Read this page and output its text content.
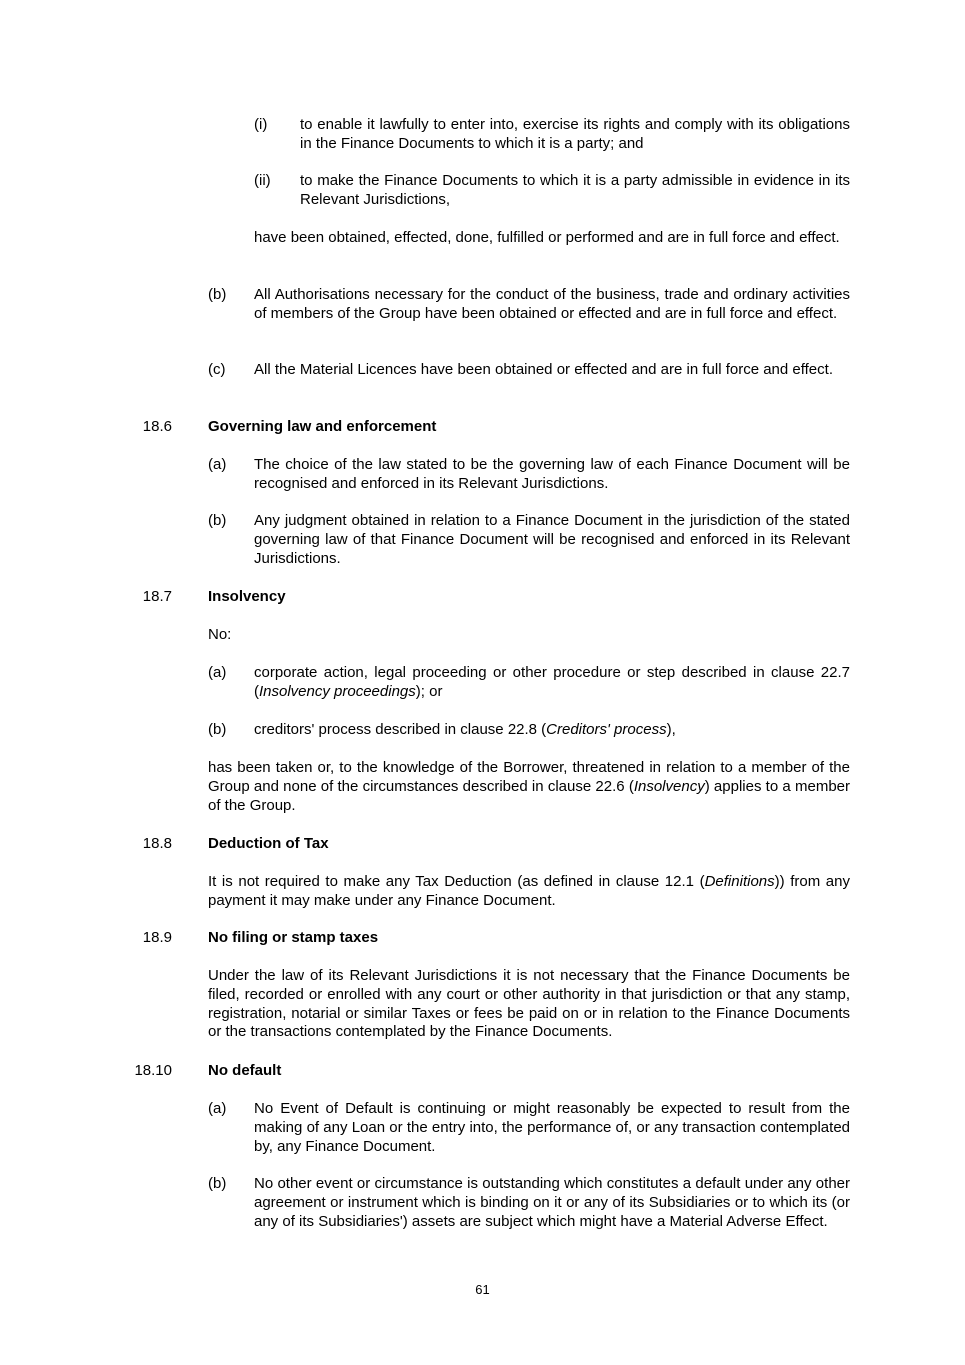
(i) to enable it lawfully to enter into, exercise its rights and comply with its obligations in the Finance Documents to which it is a party; and
(ii) to make the Finance Documents to which it is a party admissible in evidence in its Relevant Jurisdictions,
have been obtained, effected, done, fulfilled or performed and are in full force and effect.
(b) All Authorisations necessary for the conduct of the business, trade and ordinary activities of members of the Group have been obtained or effected and are in full force and effect.
(c) All the Material Licences have been obtained or effected and are in full force and effect.
18.6 Governing law and enforcement
(a) The choice of the law stated to be the governing law of each Finance Document will be recognised and enforced in its Relevant Jurisdictions.
(b) Any judgment obtained in relation to a Finance Document in the jurisdiction of the stated governing law of that Finance Document will be recognised and enforced in its Relevant Jurisdictions.
18.7 Insolvency
No:
(a) corporate action, legal proceeding or other procedure or step described in clause 22.7 (Insolvency proceedings); or
(b) creditors' process described in clause 22.8 (Creditors' process),
has been taken or, to the knowledge of the Borrower, threatened in relation to a member of the Group and none of the circumstances described in clause 22.6 (Insolvency) applies to a member of the Group.
18.8 Deduction of Tax
It is not required to make any Tax Deduction (as defined in clause 12.1 (Definitions)) from any payment it may make under any Finance Document.
18.9 No filing or stamp taxes
Under the law of its Relevant Jurisdictions it is not necessary that the Finance Documents be filed, recorded or enrolled with any court or other authority in that jurisdiction or that any stamp, registration, notarial or similar Taxes or fees be paid on or in relation to the Finance Documents or the transactions contemplated by the Finance Documents.
18.10 No default
(a) No Event of Default is continuing or might reasonably be expected to result from the making of any Loan or the entry into, the performance of, or any transaction contemplated by, any Finance Document.
(b) No other event or circumstance is outstanding which constitutes a default under any other agreement or instrument which is binding on it or any of its Subsidiaries or to which its (or any of its Subsidiaries') assets are subject which might have a Material Adverse Effect.
61
